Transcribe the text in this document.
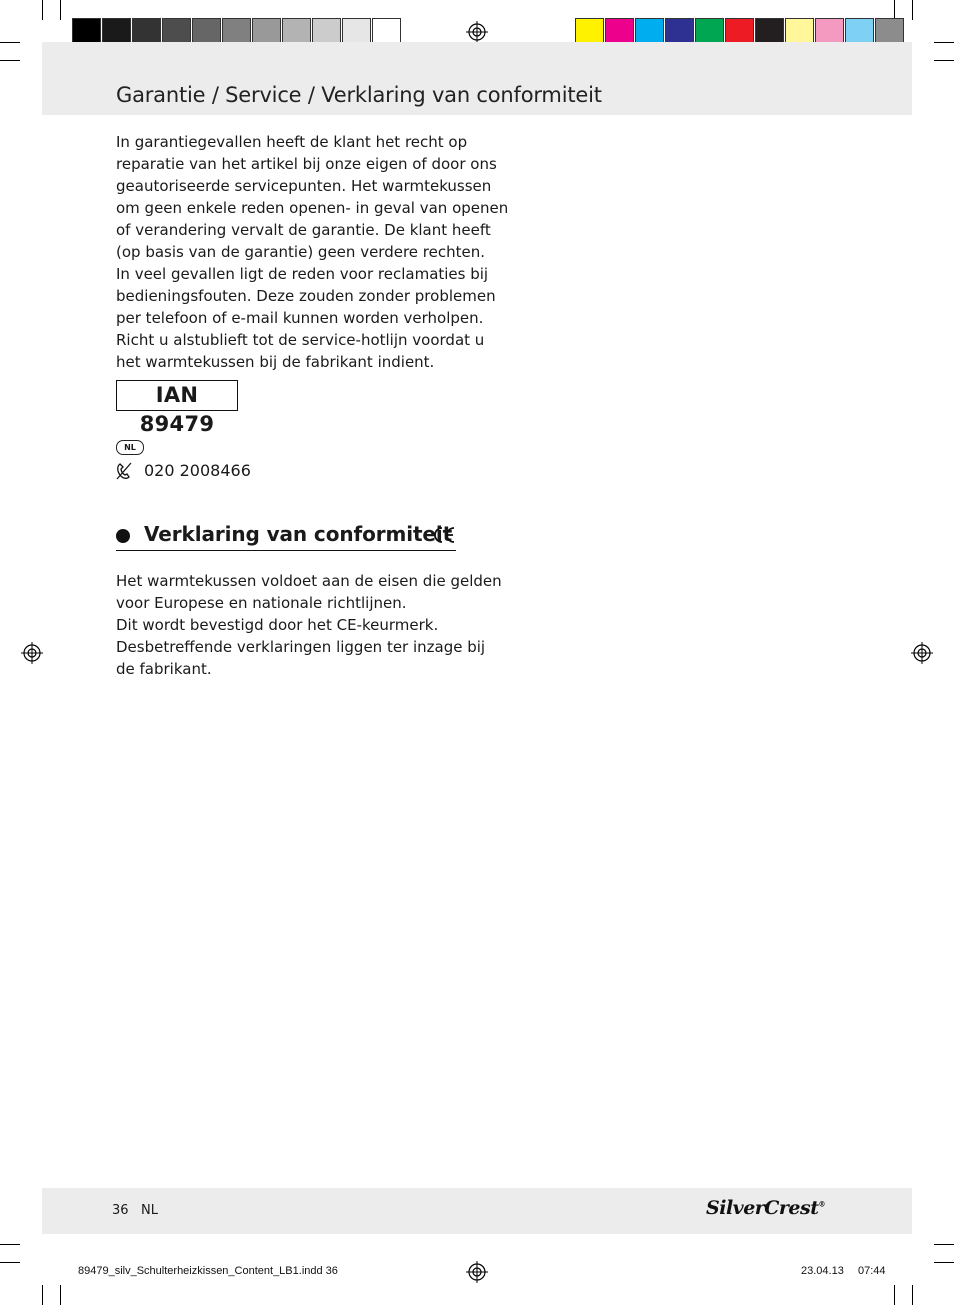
Garantie / Service / Verklaring van conformiteit

In garantiegevallen heeft de klant het recht op

reparatie van het artikel bij onze eigen of door ons

geautoriseerde servicepunten. Het warmtekussen

om geen enkele reden openen- in geval van openen

of verandering vervalt de garantie. De klant heeft

(op basis van de garantie) geen verdere rechten.

In veel gevallen ligt de reden voor reclamaties bij

bedieningsfouten. Deze zouden zonder problemen

per telefoon of e-mail kunnen worden verholpen.

Richt u alstublieft tot de service-hotlijn voordat u

het warmtekussen bij de fabrikant indient.

IAN 89479
NL
020 2008466
Verklaring van conformiteit

Het warmtekussen voldoet aan de eisen die gelden

voor Europese en nationale richtlijnen.

Dit wordt bevestigd door het CE-keurmerk.

Desbetreffende verklaringen liggen ter inzage bij

de fabrikant.

36 NL	SilverCrest®
89479_silv_Schulterheizkissen_Content_LB1.indd 36	23.04.13 07:44
